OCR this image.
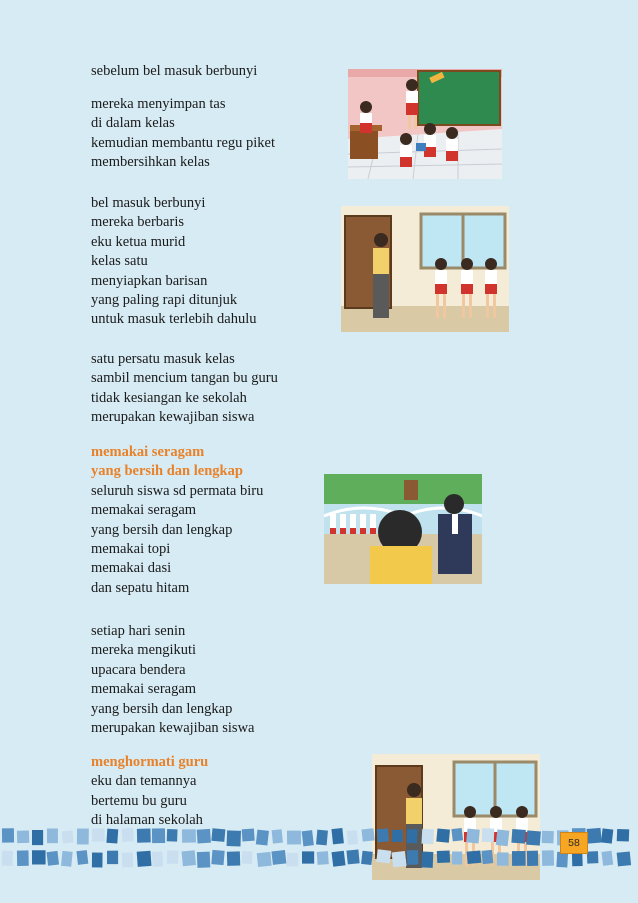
sebelum bel masuk berbunyi
mereka menyimpan tas
di dalam kelas
kemudian membantu regu piket
membersihkan kelas
bel masuk berbunyi
mereka berbaris
eku ketua murid
kelas satu
menyiapkan barisan
yang paling rapi ditunjuk
untuk masuk terlebih dahulu
satu persatu masuk kelas
sambil mencium tangan bu guru
tidak kesiangan ke sekolah
merupakan kewajiban siswa
memakai seragam
yang bersih dan lengkap
seluruh siswa sd permata biru
memakai seragam
yang bersih dan lengkap
memakai topi
memakai dasi
dan sepatu hitam
setiap hari senin
mereka mengikuti
upacara bendera
memakai seragam
yang bersih dan lengkap
merupakan kewajiban siswa
menghormati guru
eku dan temannya
bertemu bu guru
di halaman sekolah
58
